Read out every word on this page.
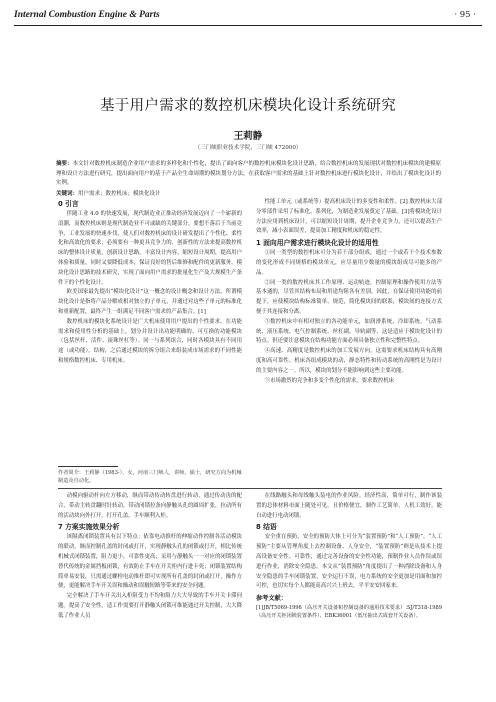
Internal Combustion Engine & Parts	· 95 ·
基于用户需求的数控机床模块化设计系统研究
王莉静
（三门峡职业技术学院，三门峡 472000）
摘要：本文针对数控机床制造企业用户需求的多样化和个性化，提出了面向客户的数控机床模块化设计思路，给合数控机床的发展现状对数控机床模块的建模原理和设计方法进行研究，提出面向用户的基于产品全生命周期的模块划分方法，在获取客户需求的基础上针对数控机床进行模块化设计，并给出了模块化设计的实例。
关键词：用户需求；数控机床；模块化设计
0 引言

伴随工业 4.0 的快速发展，现代制造业正推动经济发展迈向了一个崭新的浪潮，而数控机床则是现代制造业不可或缺的关键部分。要想不落后于当前竞争，工业发展的快速步伐，使人们对数控机床的设计研发提出了个性化、柔性化和高效化的要求；必须要有一种更具竞争力的、创新性的方法来提高数控机床的整体设计质量，创新设计思路，丰富设计内容，缩短设计周期，提高用户体验和质量，同时又要降低成本，保证良好的售后维修和配件的更新服务。模块化设计思路的技术研究，实现了面向用户需求的批量化生产及大规模生产条件下的个性化设计。

欧美国家最先提出“模块化设计”这一概念的设计概念和设计方法，所谓模块化设计是指将产品分解成相对独立的子单元，并通过对这些子单元的标准化和重新配置，最终产生一组满足不同客户需求的产品集合。[1]

数控机床的模块化系统设计是广大机床使用用户提出的个性要求。在功能需求和使用性分析的基础上，划分并设计出功能明确的、可互换的功能模块（包括丝杆、活件、滚珠丝杠等）。同一与系列组合，同时各模块具有不同用途（或功能），结构，之后通过模块的拆分组合来组装成市场需求的不同性能和规格数控机床、专用机床。

作者简介：王莉静（1983-），女，河南三门峡人，讲师，硕士，研究方向为机械制造及自动化。

性能工单元（或系统等）提高机床设计的多变性和柔性。[2] 数控机床大部分零部件采用了标准化、系列化，为制造业发展奠定了基础。[3]将模块化设计方法应用到机床设计，可以缩短设计周期，提升企业竞争力，还可以提高生产效率，减小表面误差，提高加工精度和机床的稳定性。

1 面向用户需求进行模块化设计的适用性

①同一类型的数控机床可分为若干部分组成，通过一个或若干个技术参数的变化形成不同规格的模块单元，应尽量用少数量的模块组成尽可能多的产品。

②同一类的数控机床其工作原理、运动轨迹，控制原理和操作使用方法等基本通的，尽管其结构布局和用途均阻各有差别。因此，在保证使用功能的前提下，应使模块结构标准简单、规范，简化模块间的联系，模块间的连接方式便于其连接和分离。

③数控机床中有相对独立的各功能单元，如润滑系统、冷却系统、气动系统、液压系统、电气控制系统、丝杠副、导轨副等，这是适应于模块化设计的特点。但还要注意模块在结构功能方面必须具备独立性和完整性特点。

④高速、高精度是数控机床的加工发展方向，这需要求机床结构具有高刚度和高可靠性。机床各组成模块的动、静态特性和传动系统的高刚性是为设计的主要内容之一。所以，模块的划分不能影响到这些主要功能。

⑤市场激烈的竞争和多变个性化的需求，要求数控机床

动模向驱动杆向左方移动，继而带动传动转盘进行转动，通过传动齿的配合，带动主转盘翻时针转动，带动闭锁拉条向静触头孔的圆周扩张，拉动所有的活动块向外打开，打开孔盖，手车顺利入柜。

7 方案实施效果分析

该隔离闭锁装置具有以下特点：依靠电动推杆的伸缩动作控制各活动模块的联动，继而控制孔盖的封闭或打开，实现静触头孔的闭锁或打开，相比传统机械式闭锁装置，阻力更小，可靠性更高；采用与静触头一一对应的闭锁装置替代传统的金属挡板闭锁，有效防止手车在开关柜内行进卡死；闭锁装置结构简单易安装，只需通过螺栓电动推杆即可实现所有孔盖的封闭或打开，操作方便，更能解决手车开关误和操动和误触短路等带来的安全问题。

完全解决了手车开关出入柜阻受力不均和阻力大大导致的手车开关卡滞问题。提高了安全性，适工作需要打开静触头闭锁可维能通过开关控制，大大降低了作业人员

在线路触头和母线触头装电的作业风险。经济性高，简单可行，制作该装置的总体材料市面上随处可见，且价格便宜，制作工艺简单。人机工效好，能自动进行电动闭锁。

8 结语

安全重在预防，安全的预防大体上可分为“装置预防”和“人工预防”。“人工预防”主要从管理角度上去控制设备、人身安全，“装置预防”则是从技术上提高设备安全性、可靠性，通过完善设备的安全性功能，预制作业人员作误或误进行作业，消除安全隐患。本文从“装置预防”角度提出了一种消除设备和人身安全隐患的手车闭锁装置，安全运行不误，电力系统的安全更加是用面和加控可控，也切实每个人都能高高兴兴上班去，平平安安回家来。

参考文献：

[1]JB/T5069-1996（高压开关设备和控制设备的通用技术要求）.SJ/T318-1989（高压开关柜闭锁装置条件）、EBK36001（低压抽出式成套开关设备）。
